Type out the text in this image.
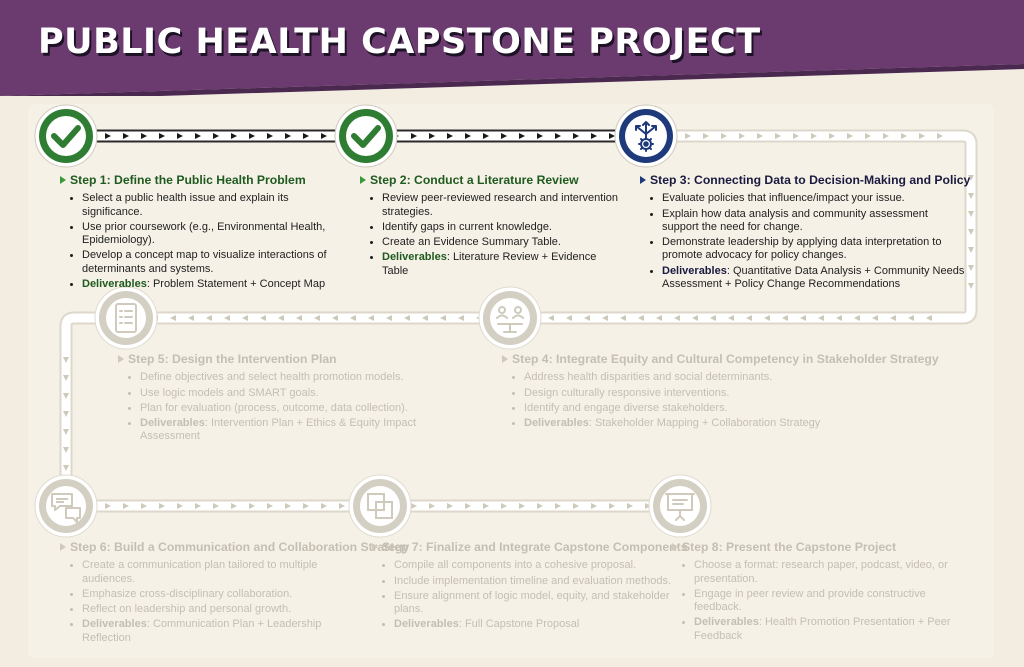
PUBLIC HEALTH CAPSTONE PROJECT
Step 1: Define the Public Health Problem
• Select a public health issue and explain its significance.
• Use prior coursework (e.g., Environmental Health, Epidemiology).
• Develop a concept map to visualize interactions of determinants and systems.
• Deliverables: Problem Statement + Concept Map
Step 2: Conduct a Literature Review
• Review peer-reviewed research and intervention strategies.
• Identify gaps in current knowledge.
• Create an Evidence Summary Table.
• Deliverables: Literature Review + Evidence Table
Step 3: Connecting Data to Decision-Making and Policy
• Evaluate policies that influence/impact your issue.
• Explain how data analysis and community assessment support the need for change.
• Demonstrate leadership by applying data interpretation to promote advocacy for policy changes.
• Deliverables: Quantitative Data Analysis + Community Needs Assessment + Policy Change Recommendations
Step 4: Integrate Equity and Cultural Competency in Stakeholder Strategy
• Address health disparities and social determinants.
• Design culturally responsive interventions.
• Identify and engage diverse stakeholders.
• Deliverables: Stakeholder Mapping + Collaboration Strategy
Step 5: Design the Intervention Plan
• Define objectives and select health promotion models.
• Use logic models and SMART goals.
• Plan for evaluation (process, outcome, data collection).
• Deliverables: Intervention Plan + Ethics & Equity Impact Assessment
Step 6: Build a Communication and Collaboration Strategy
• Create a communication plan tailored to multiple audiences.
• Emphasize cross-disciplinary collaboration.
• Reflect on leadership and personal growth.
• Deliverables: Communication Plan + Leadership Reflection
Step 7: Finalize and Integrate Capstone Components
• Compile all components into a cohesive proposal.
• Include implementation timeline and evaluation methods.
• Ensure alignment of logic model, equity, and stakeholder plans.
• Deliverables: Full Capstone Proposal
Step 8: Present the Capstone Project
• Choose a format: research paper, podcast, video, or presentation.
• Engage in peer review and provide constructive feedback.
• Deliverables: Health Promotion Presentation + Peer Feedback
